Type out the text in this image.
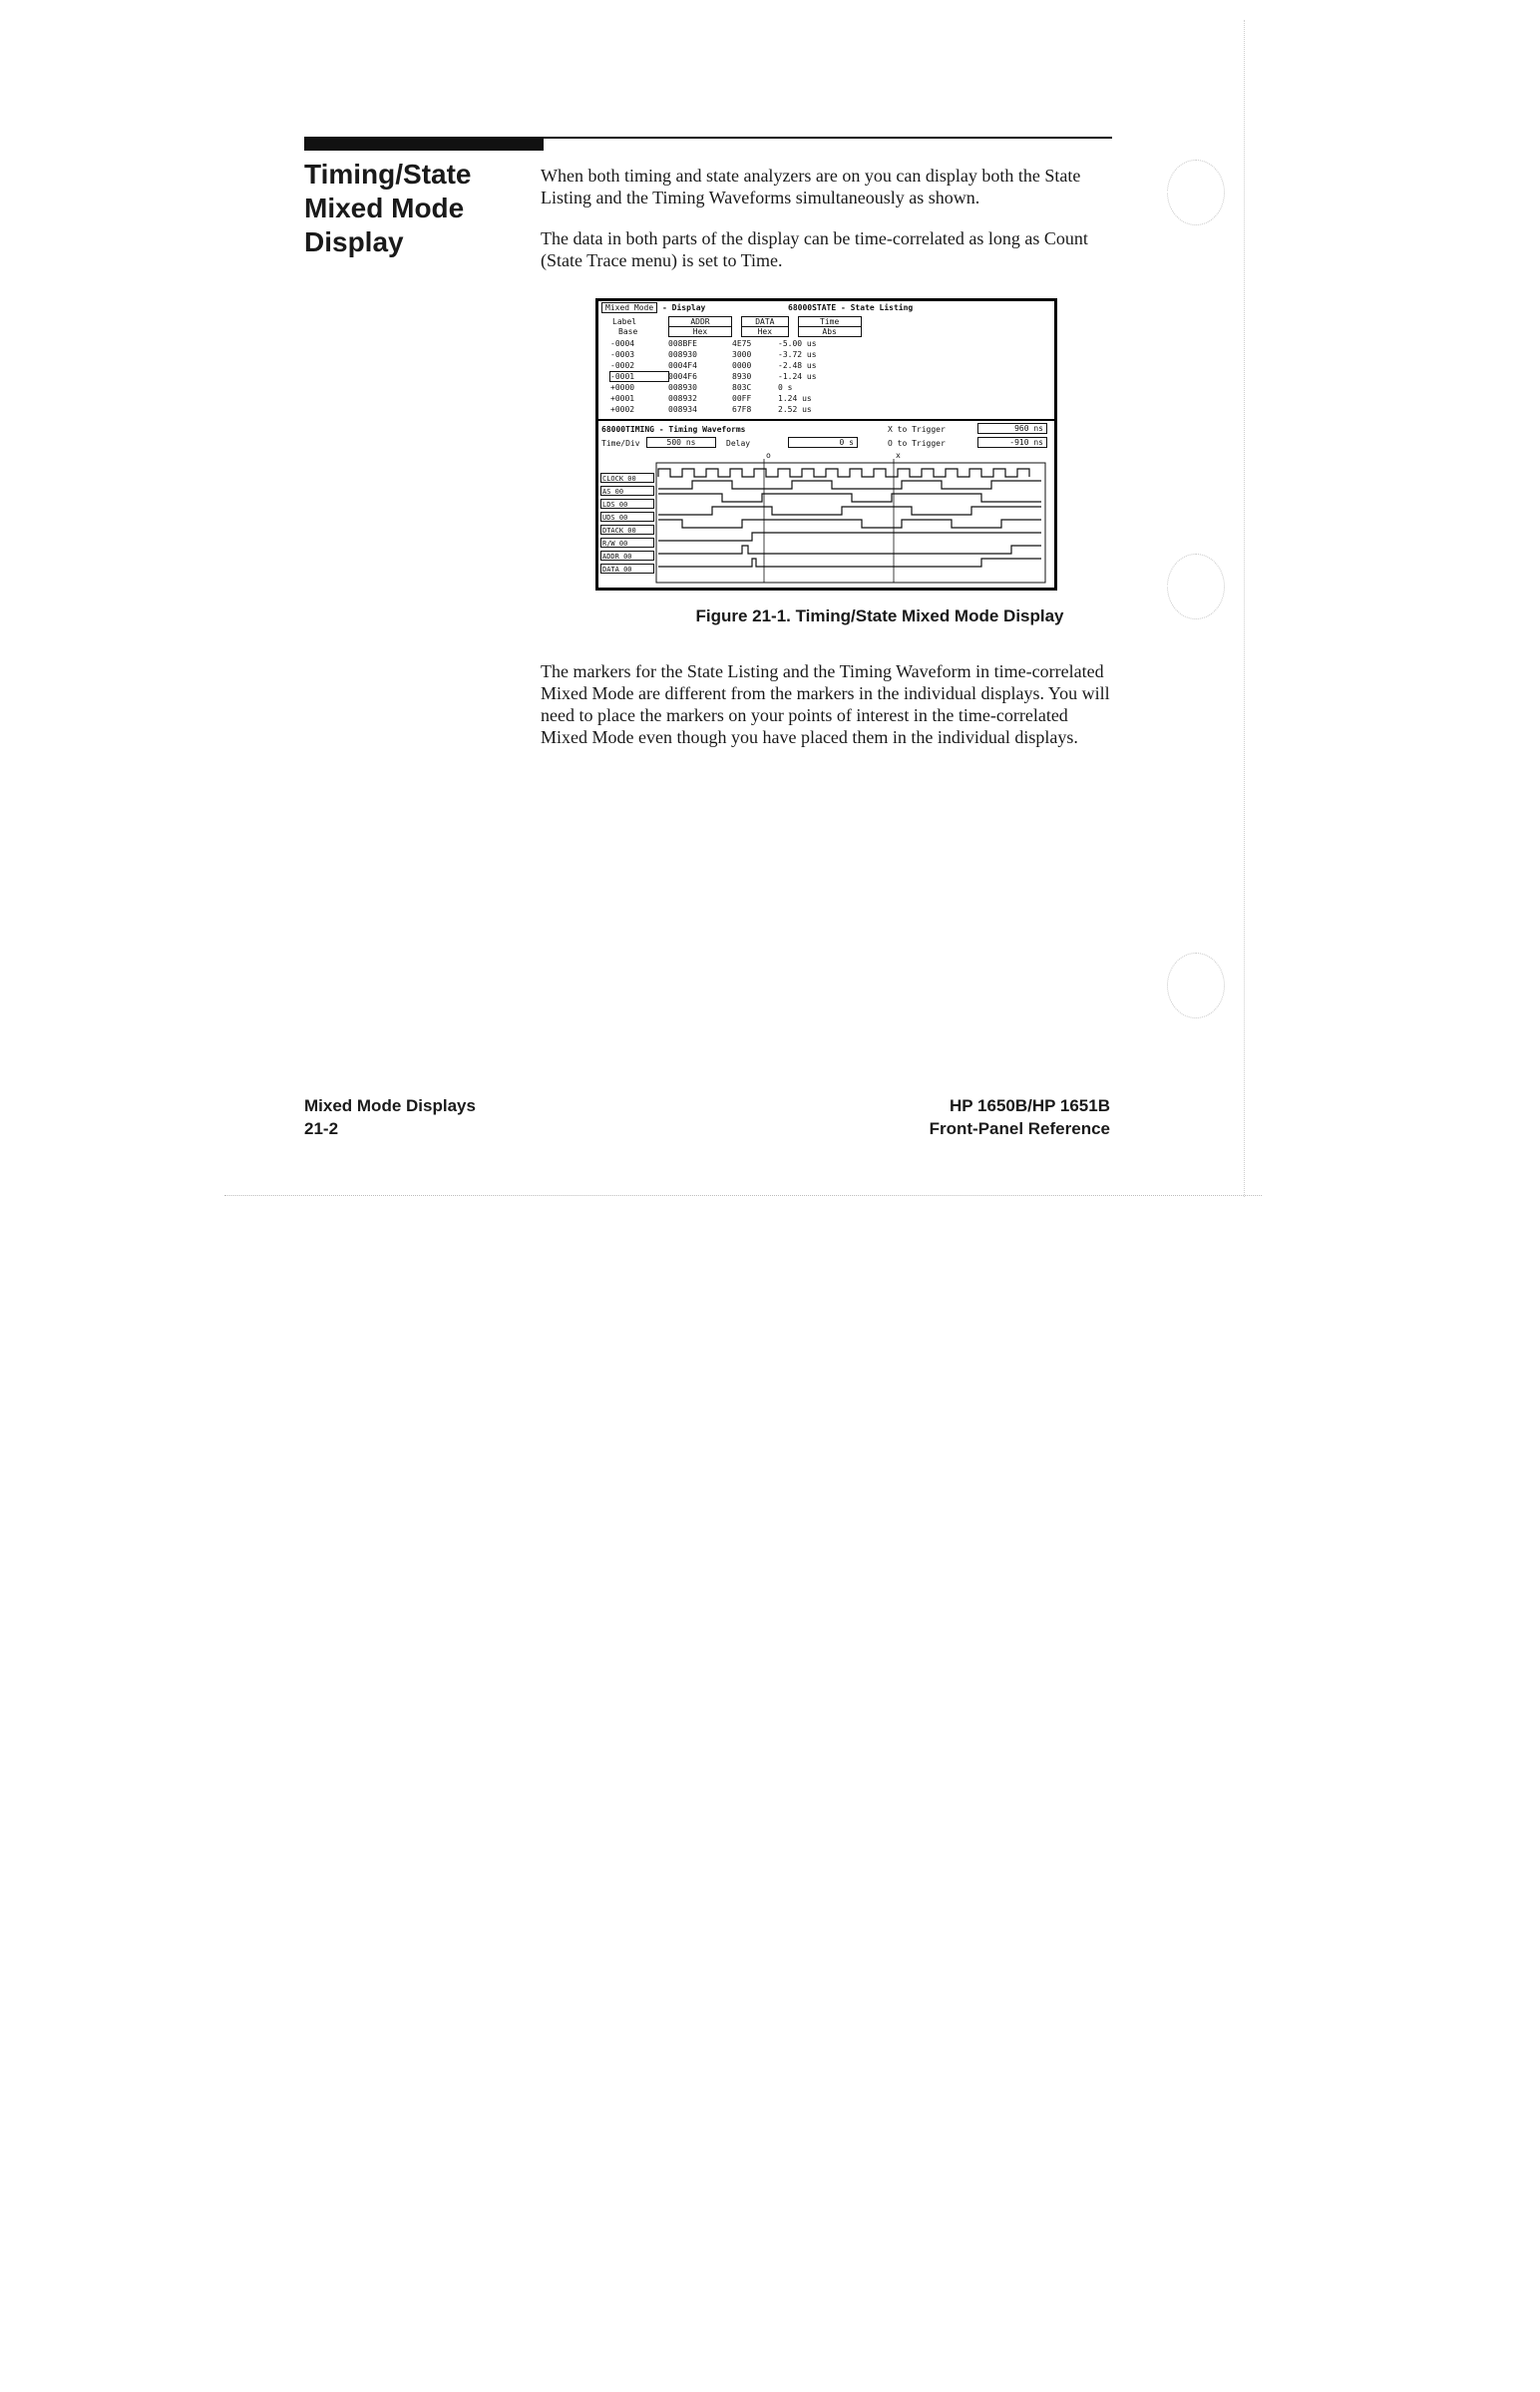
Timing/State
Mixed Mode
Display

When both timing and state analyzers are on you can display both the State Listing and the Timing Waveforms simultaneously as shown.

The data in both parts of the display can be time-correlated as long as Count (State Trace menu) is set to Time.

Mixed Mode - Display	68000STATE - State Listing
Label	ADDR	DATA	Time
Base	Hex	Hex	Abs
-0004	008BFE	4E75	-5.00 us
-0003	008930	3000	-3.72 us
-0002	0004F4	0000	-2.48 us
-0001	0004F6	8930	-1.24 us
+0000	008930	803C	0 s
+0001	008932	00FF	1.24 us
+0002	008934	67F8	2.52 us
68000TIMING - Timing Waveforms	X to Trigger	960 ns
Time/Div	500 ns	Delay	0 s	O to Trigger	-910 ns
o	x
CLOCK 00
AS 00
LDS 00
UDS 00
DTACK 00
R/W 00
ADDR 00
DATA 00

Figure 21-1. Timing/State Mixed Mode Display

The markers for the State Listing and the Timing Waveform in time-correlated Mixed Mode are different from the markers in the individual displays. You will need to place the markers on your points of interest in the time-correlated Mixed Mode even though you have placed them in the individual displays.

Mixed Mode Displays
21-2
HP 1650B/HP 1651B
Front-Panel Reference
